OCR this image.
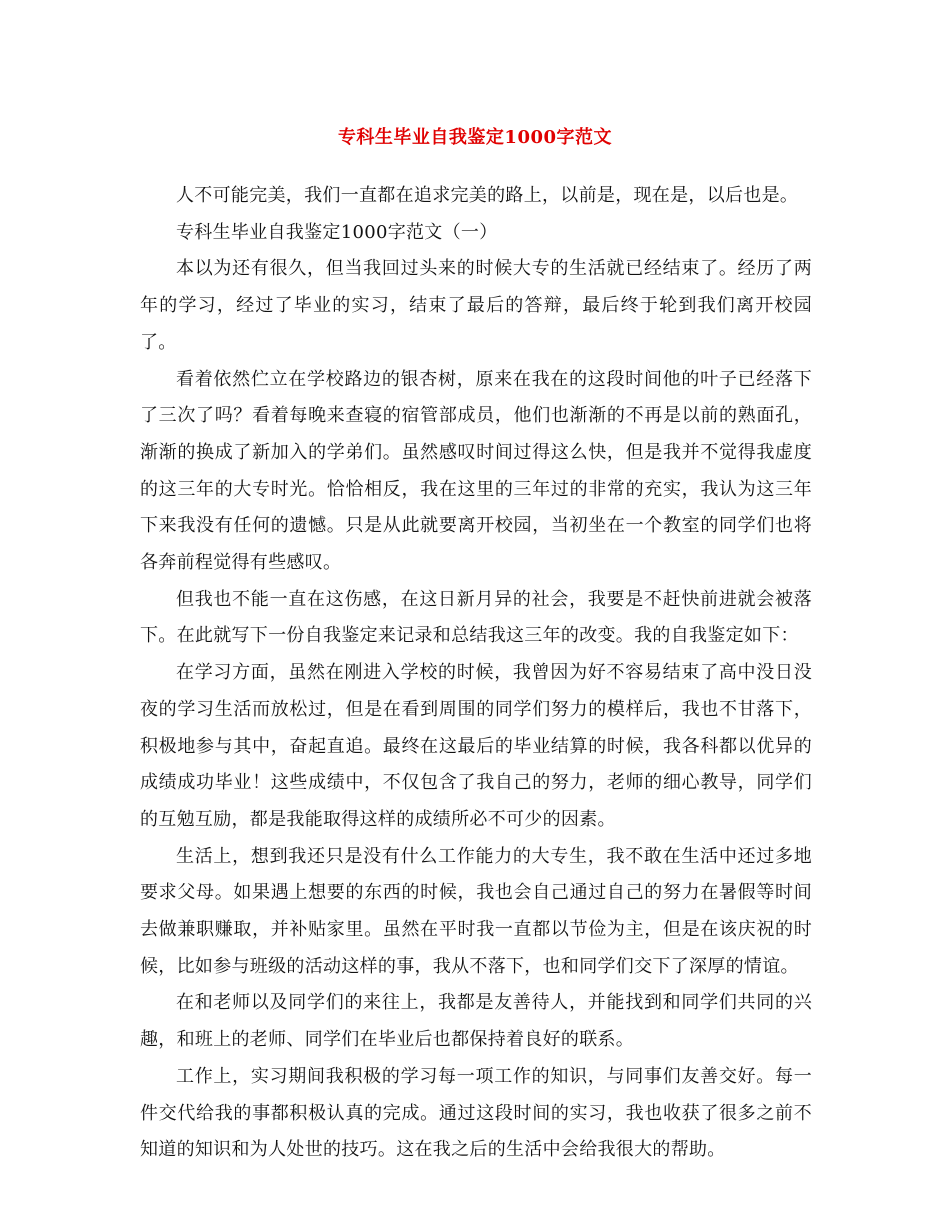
专科生毕业自我鉴定1000字范文

人不可能完美，我们一直都在追求完美的路上，以前是，现在是，以后也是。

专科生毕业自我鉴定1000字范文（一）

本以为还有很久，但当我回过头来的时候大专的生活就已经结束了。经历了两年的学习，经过了毕业的实习，结束了最后的答辩，最后终于轮到我们离开校园了。

看着依然伫立在学校路边的银杏树，原来在我在的这段时间他的叶子已经落下了三次了吗？看着每晚来查寝的宿管部成员，他们也渐渐的不再是以前的熟面孔，渐渐的换成了新加入的学弟们。虽然感叹时间过得这么快，但是我并不觉得我虚度的这三年的大专时光。恰恰相反，我在这里的三年过的非常的充实，我认为这三年下来我没有任何的遗憾。只是从此就要离开校园，当初坐在一个教室的同学们也将各奔前程觉得有些感叹。

但我也不能一直在这伤感，在这日新月异的社会，我要是不赶快前进就会被落下。在此就写下一份自我鉴定来记录和总结我这三年的改变。我的自我鉴定如下：

在学习方面，虽然在刚进入学校的时候，我曾因为好不容易结束了高中没日没夜的学习生活而放松过，但是在看到周围的同学们努力的模样后，我也不甘落下，积极地参与其中，奋起直追。最终在这最后的毕业结算的时候，我各科都以优异的成绩成功毕业！这些成绩中，不仅包含了我自己的努力，老师的细心教导，同学们的互勉互励，都是我能取得这样的成绩所必不可少的因素。

生活上，想到我还只是没有什么工作能力的大专生，我不敢在生活中还过多地要求父母。如果遇上想要的东西的时候，我也会自己通过自己的努力在暑假等时间去做兼职赚取，并补贴家里。虽然在平时我一直都以节俭为主，但是在该庆祝的时候，比如参与班级的活动这样的事，我从不落下，也和同学们交下了深厚的情谊。

在和老师以及同学们的来往上，我都是友善待人，并能找到和同学们共同的兴趣，和班上的老师、同学们在毕业后也都保持着良好的联系。

工作上，实习期间我积极的学习每一项工作的知识，与同事们友善交好。每一件交代给我的事都积极认真的完成。通过这段时间的实习，我也收获了很多之前不知道的知识和为人处世的技巧。这在我之后的生活中会给我很大的帮助。
